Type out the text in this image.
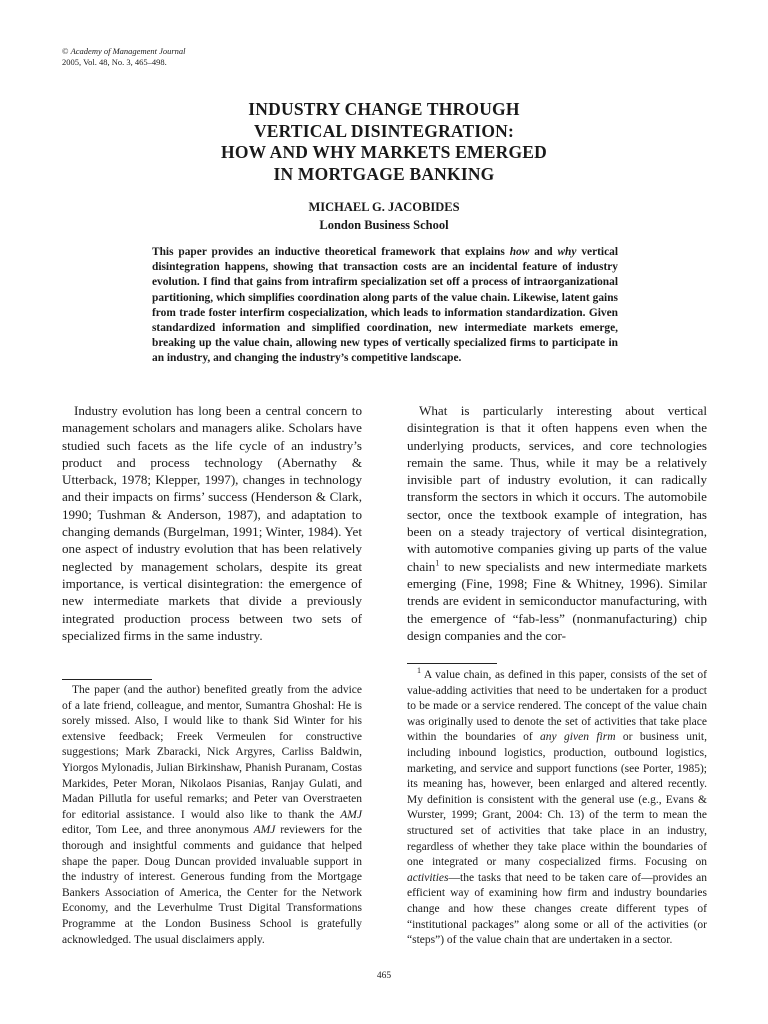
© Academy of Management Journal
2005, Vol. 48, No. 3, 465–498.
INDUSTRY CHANGE THROUGH
VERTICAL DISINTEGRATION:
HOW AND WHY MARKETS EMERGED
IN MORTGAGE BANKING
MICHAEL G. JACOBIDES
London Business School
This paper provides an inductive theoretical framework that explains how and why vertical disintegration happens, showing that transaction costs are an incidental feature of industry evolution. I find that gains from intrafirm specialization set off a process of intraorganizational partitioning, which simplifies coordination along parts of the value chain. Likewise, latent gains from trade foster interfirm cospecialization, which leads to information standardization. Given standardized information and simplified coordination, new intermediate markets emerge, breaking up the value chain, allowing new types of vertically specialized firms to participate in an industry, and changing the industry’s competitive landscape.

Industry evolution has long been a central concern to management scholars and managers alike. Scholars have studied such facets as the life cycle of an industry’s product and process technology (Abernathy & Utterback, 1978; Klepper, 1997), changes in technology and their impacts on firms’ success (Henderson & Clark, 1990; Tushman & Anderson, 1987), and adaptation to changing demands (Burgelman, 1991; Winter, 1984). Yet one aspect of industry evolution that has been relatively neglected by management scholars, despite its great importance, is vertical disintegration: the emergence of new intermediate markets that divide a previously integrated production process between two sets of specialized firms in the same industry.

What is particularly interesting about vertical disintegration is that it often happens even when the underlying products, services, and core technologies remain the same. Thus, while it may be a relatively invisible part of industry evolution, it can radically transform the sectors in which it occurs. The automobile sector, once the textbook example of integration, has been on a steady trajectory of vertical disintegration, with automotive companies giving up parts of the value chain$^1$ to new specialists and new intermediate markets emerging (Fine, 1998; Fine & Whitney, 1996). Similar trends are evident in semiconductor manufacturing, with the emergence of “fab-less” (nonmanufacturing) chip design companies and the cor-

The paper (and the author) benefited greatly from the advice of a late friend, colleague, and mentor, Sumantra Ghoshal: He is sorely missed. Also, I would like to thank Sid Winter for his extensive feedback; Freek Vermeulen for constructive suggestions; Mark Zbaracki, Nick Argyres, Carliss Baldwin, Yiorgos Mylonadis, Julian Birkinshaw, Phanish Puranam, Costas Markides, Peter Moran, Nikolaos Pisanias, Ranjay Gulati, and Madan Pillutla for useful remarks; and Peter van Overstraeten for editorial assistance. I would also like to thank the AMJ editor, Tom Lee, and three anonymous AMJ reviewers for the thorough and insightful comments and guidance that helped shape the paper. Doug Duncan provided invaluable support in the industry of interest. Generous funding from the Mortgage Bankers Association of America, the Center for the Network Economy, and the Leverhulme Trust Digital Transformations Programme at the London Business School is gratefully acknowledged. The usual disclaimers apply.

$^1$ A value chain, as defined in this paper, consists of the set of value-adding activities that need to be undertaken for a product to be made or a service rendered. The concept of the value chain was originally used to denote the set of activities that take place within the boundaries of any given firm or business unit, including inbound logistics, production, outbound logistics, marketing, and service and support functions (see Porter, 1985); its meaning has, however, been enlarged and altered recently. My definition is consistent with the general use (e.g., Evans & Wurster, 1999; Grant, 2004: Ch. 13) of the term to mean the structured set of activities that take place in an industry, regardless of whether they take place within the boundaries of one integrated or many cospecialized firms. Focusing on activities—the tasks that need to be taken care of—provides an efficient way of examining how firm and industry boundaries change and how these changes create different types of “institutional packages” along some or all of the activities (or “steps”) of the value chain that are undertaken in a sector.

465
